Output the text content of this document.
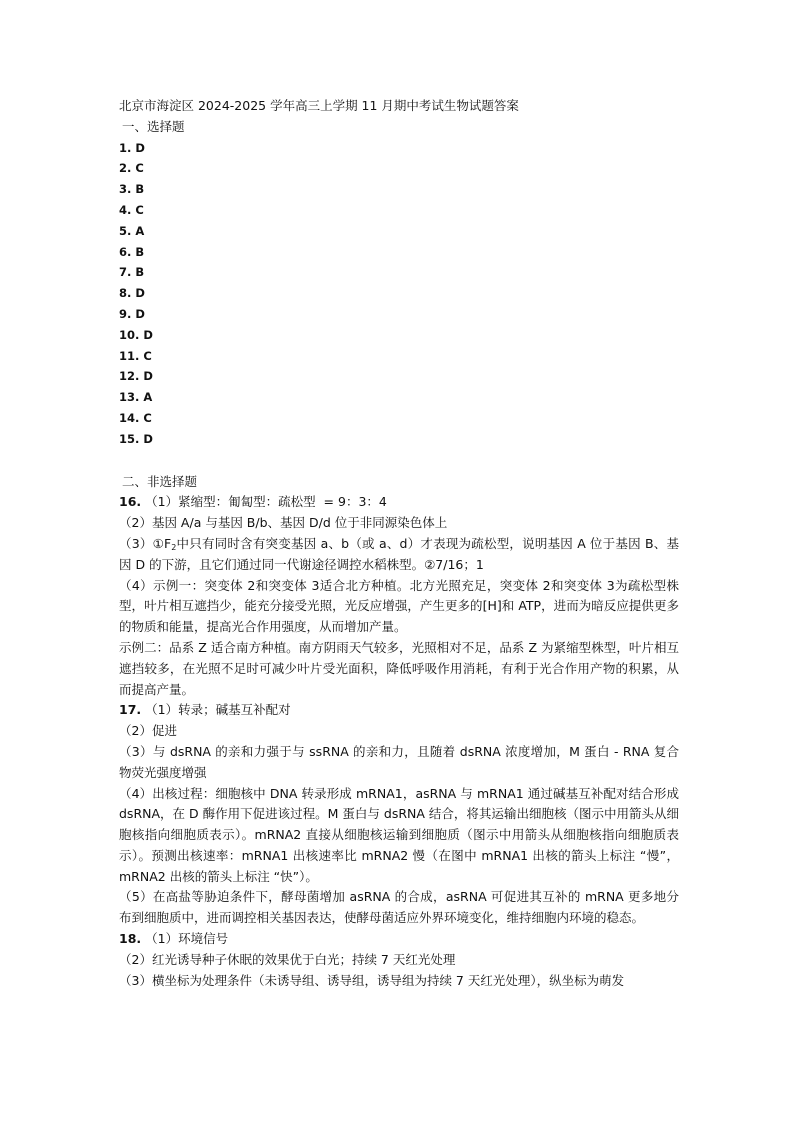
北京市海淀区 2024-2025 学年高三上学期 11 月期中考试生物试题答案

一、选择题

1. D
2. C
3. B
4. C
5. A
6. B
7. B
8. D
9. D
10. D
11. C
12. D
13. A
14. C
15. D

二、非选择题

16. （1）紧缩型：匍匐型：疏松型  = 9：3：4

（2）基因 A/a 与基因 B/b、基因 D/d 位于非同源染色体上

$(3)①F_2$中只有同时含有突变基因 a、b（或 a、d）才表现为疏松型，说明基因 A 位于基因 B、基因 D 的下游，且它们通过同一代谢途径调控水稻株型。②7/16；1

（4）示例一：突变体 2和突变体 3适合北方种植。北方光照充足，突变体 2和突变体 3为疏松型株型，叶片相互遮挡少，能充分接受光照，光反应增强，产生更多的[H]和 ATP，进而为暗反应提供更多的物质和能量，提高光合作用强度，从而增加产量。

示例二：品系 Z 适合南方种植。南方阴雨天气较多，光照相对不足，品系 Z 为紧缩型株型，叶片相互遮挡较多，在光照不足时可减少叶片受光面积，降低呼吸作用消耗，有利于光合作用产物的积累，从而提高产量。

17. （1）转录；碱基互补配对

（2）促进

（3）与 dsRNA 的亲和力强于与 ssRNA 的亲和力，且随着 dsRNA 浓度增加，M 蛋白 - RNA 复合物荧光强度增强

（4）出核过程：细胞核中 DNA 转录形成 mRNA1，asRNA 与 mRNA1 通过碱基互补配对结合形成 dsRNA，在 D 酶作用下促进该过程。M 蛋白与 dsRNA 结合，将其运输出细胞核（图示中用箭头从细胞核指向细胞质表示）。mRNA2 直接从细胞核运输到细胞质（图示中用箭头从细胞核指向细胞质表示）。预测出核速率：mRNA1 出核速率比 mRNA2 慢（在图中 mRNA1 出核的箭头上标注 “慢”，mRNA2 出核的箭头上标注 “快”）。

（5）在高盐等胁迫条件下，酵母菌增加 asRNA 的合成，asRNA 可促进其互补的 mRNA 更多地分布到细胞质中，进而调控相关基因表达，使酵母菌适应外界环境变化，维持细胞内环境的稳态。

18. （1）环境信号

（2）红光诱导种子休眠的效果优于白光；持续 7 天红光处理

（3）横坐标为处理条件（未诱导组、诱导组，诱导组为持续 7 天红光处理），纵坐标为萌发
